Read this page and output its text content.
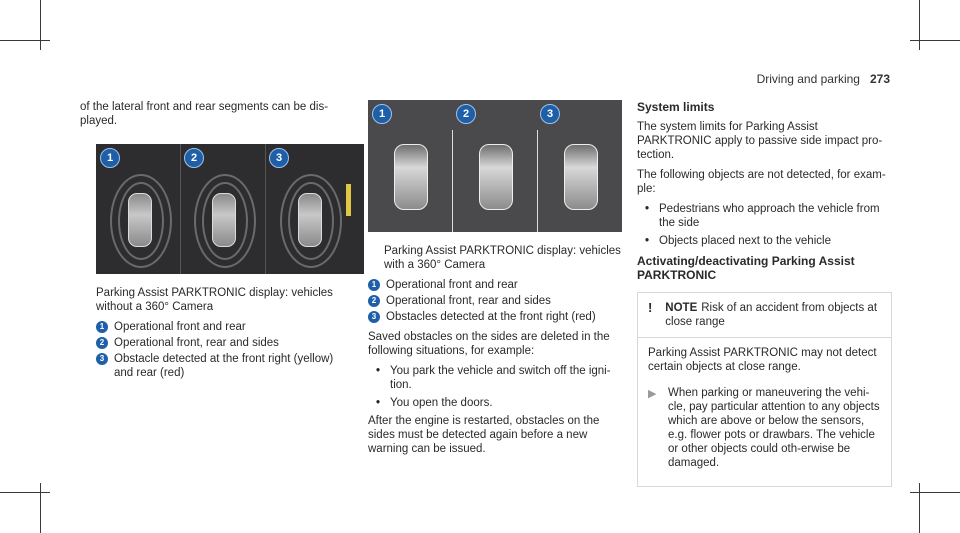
Driving and parking 273

of the lateral front and rear segments can be dis-played.

1	2	3

Parking Assist PARKTRONIC display: vehicles without a 360° Camera

1 Operational front and rear
2 Operational front, rear and sides
3 Obstacle detected at the front right (yellow) and rear (red)
1	2	3

Parking Assist PARKTRONIC display: vehicles with a 360° Camera

1 Operational front and rear
2 Operational front, rear and sides
3 Obstacles detected at the front right (red)

Saved obstacles on the sides are deleted in the following situations, for example:

• You park the vehicle and switch off the igni-tion.
• You open the doors.

After the engine is restarted, obstacles on the sides must be detected again before a new warning can be issued.

System limits

The system limits for Parking Assist PARKTRONIC apply to passive side impact pro-tection.

The following objects are not detected, for exam-ple:

• Pedestrians who approach the vehicle from the side
• Objects placed next to the vehicle

Activating/deactivating Parking Assist PARKTRONIC

!	NOTE Risk of an accident from objects at close range

Parking Assist PARKTRONIC may not detect certain objects at close range.

▶	When parking or maneuvering the vehi-cle, pay particular attention to any objects which are above or below the sensors, e.g. flower pots or drawbars. The vehicle or other objects could oth-erwise be damaged.
